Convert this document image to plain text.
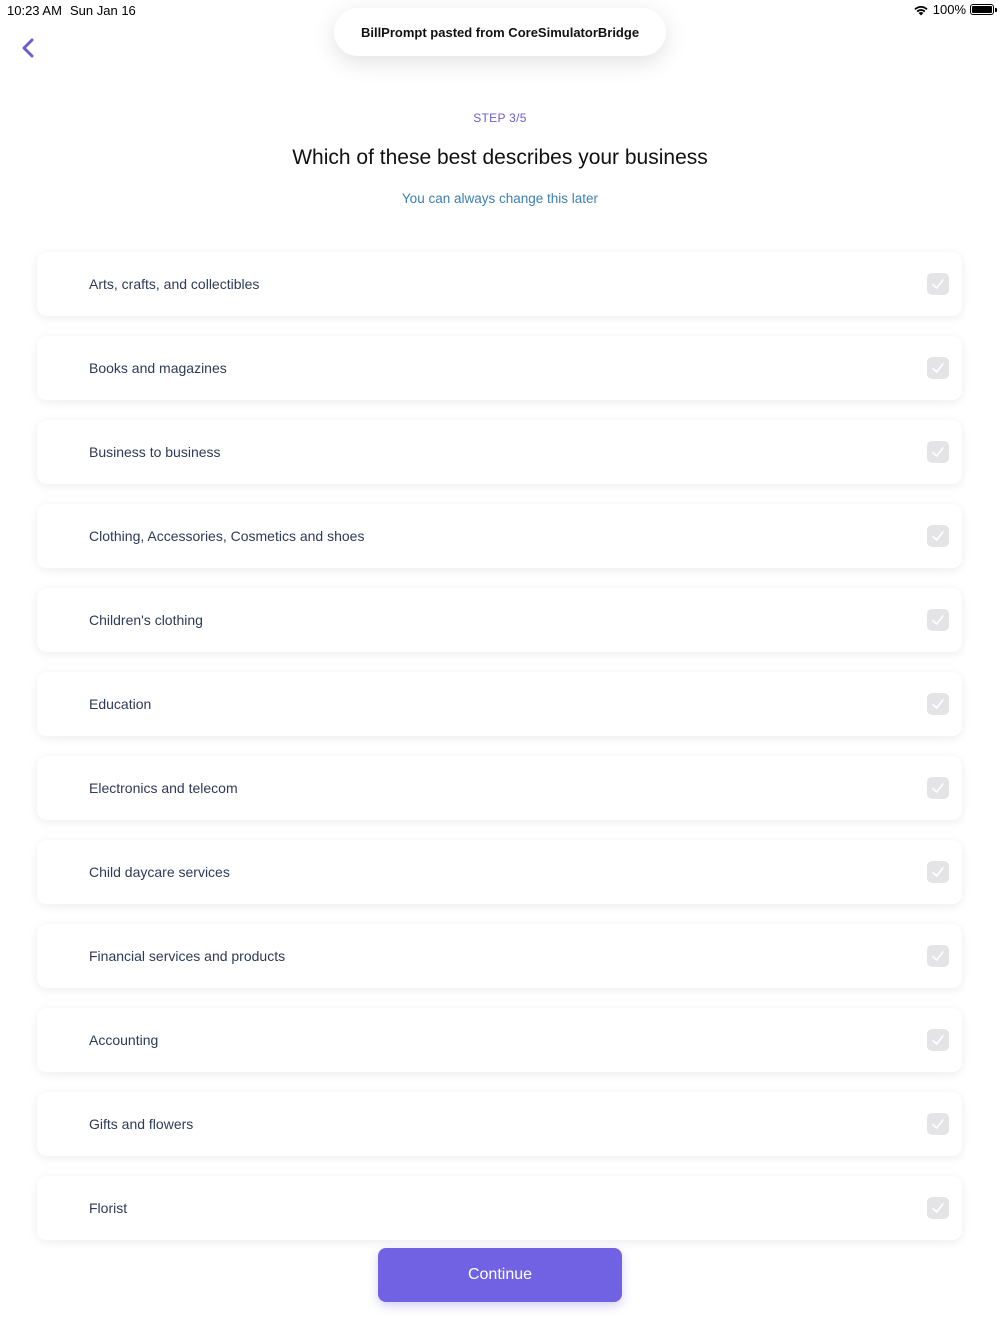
10:23 AM Sun Jan 16	100%
BillPrompt pasted from CoreSimulatorBridge
STEP 3/5
Which of these best describes your business
You can always change this later
Arts, crafts, and collectibles
Books and magazines
Business to business
Clothing, Accessories, Cosmetics and shoes
Children's clothing
Education
Electronics and telecom
Child daycare services
Financial services and products
Accounting
Gifts and flowers
Florist
Continue
